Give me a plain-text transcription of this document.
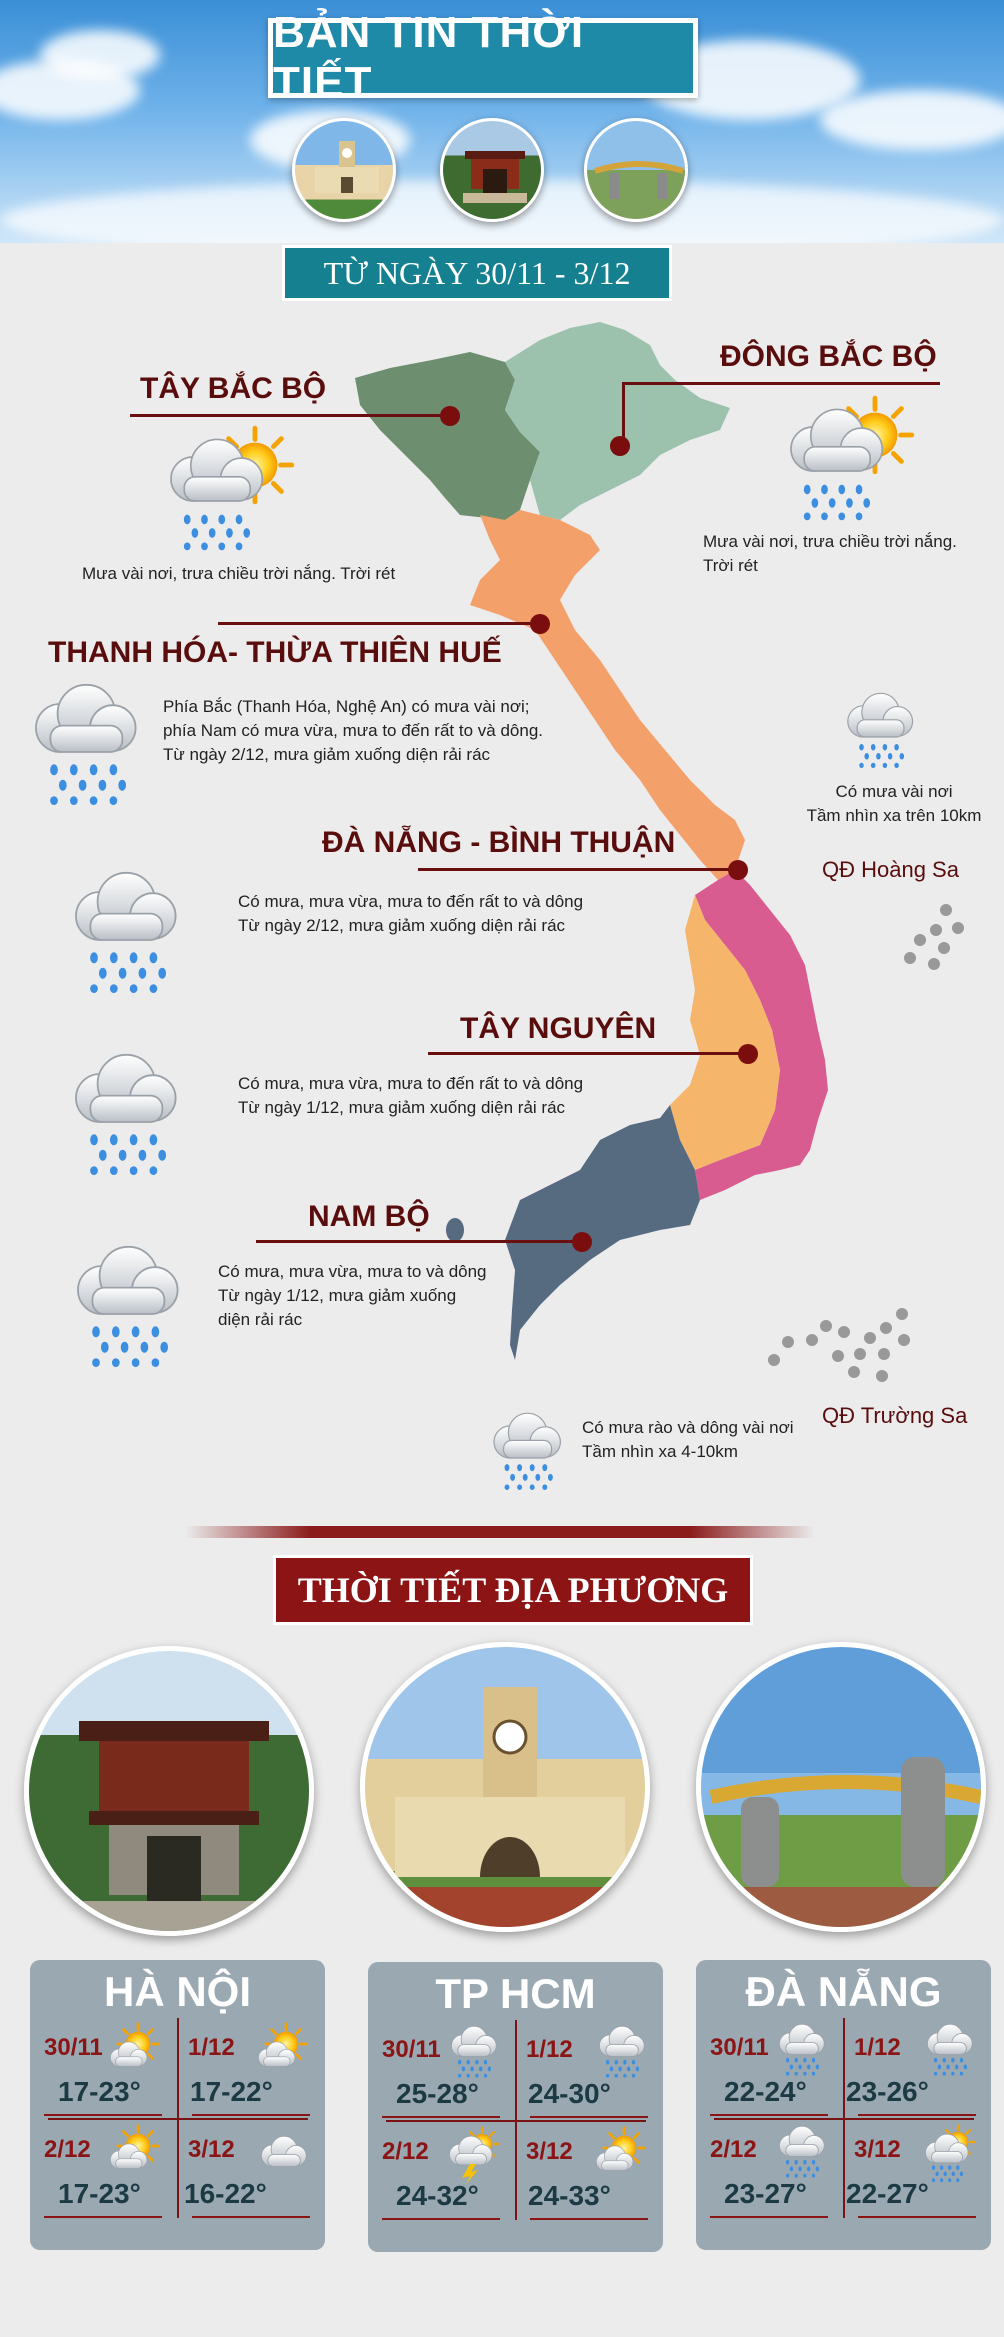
BẢN TIN THỜI TIẾT
TỪ NGÀY 30/11 - 3/12
TÂY BẮC BỘ
Mưa vài nơi, trưa chiều trời nắng. Trời rét
ĐÔNG BẮC BỘ
Mưa vài nơi, trưa chiều trời nắng.
Trời rét
THANH HÓA- THỪA THIÊN HUẾ
Phía Bắc (Thanh Hóa, Nghệ An) có mưa vài nơi;
phía Nam có mưa vừa, mưa to đến rất to và dông.
Từ ngày 2/12, mưa giảm xuống diện rải rác
ĐÀ NẴNG - BÌNH THUẬN
Có mưa, mưa vừa, mưa to đến rất to và dông
Từ ngày 2/12, mưa giảm xuống diện rải rác
TÂY NGUYÊN
Có mưa, mưa vừa, mưa to đến rất to và dông
Từ ngày 1/12, mưa giảm xuống diện rải rác
NAM BỘ
Có mưa, mưa vừa, mưa to và dông
Từ ngày 1/12, mưa giảm xuống
diện rải rác
Có mưa vài nơi
Tầm nhìn xa trên 10km
QĐ Hoàng Sa
QĐ Trường Sa
Có mưa rào và dông vài nơi
Tầm nhìn xa 4-10km
THỜI TIẾT ĐỊA PHƯƠNG
HÀ NỘI
30/11
17-23°
1/12
17-22°
2/12
17-23°
3/12
16-22°
TP HCM
30/11
25-28°
1/12
24-30°
2/12
24-32°
3/12
24-33°
ĐÀ NẴNG
30/11
22-24°
1/12
23-26°
2/12
23-27°
3/12
22-27°
